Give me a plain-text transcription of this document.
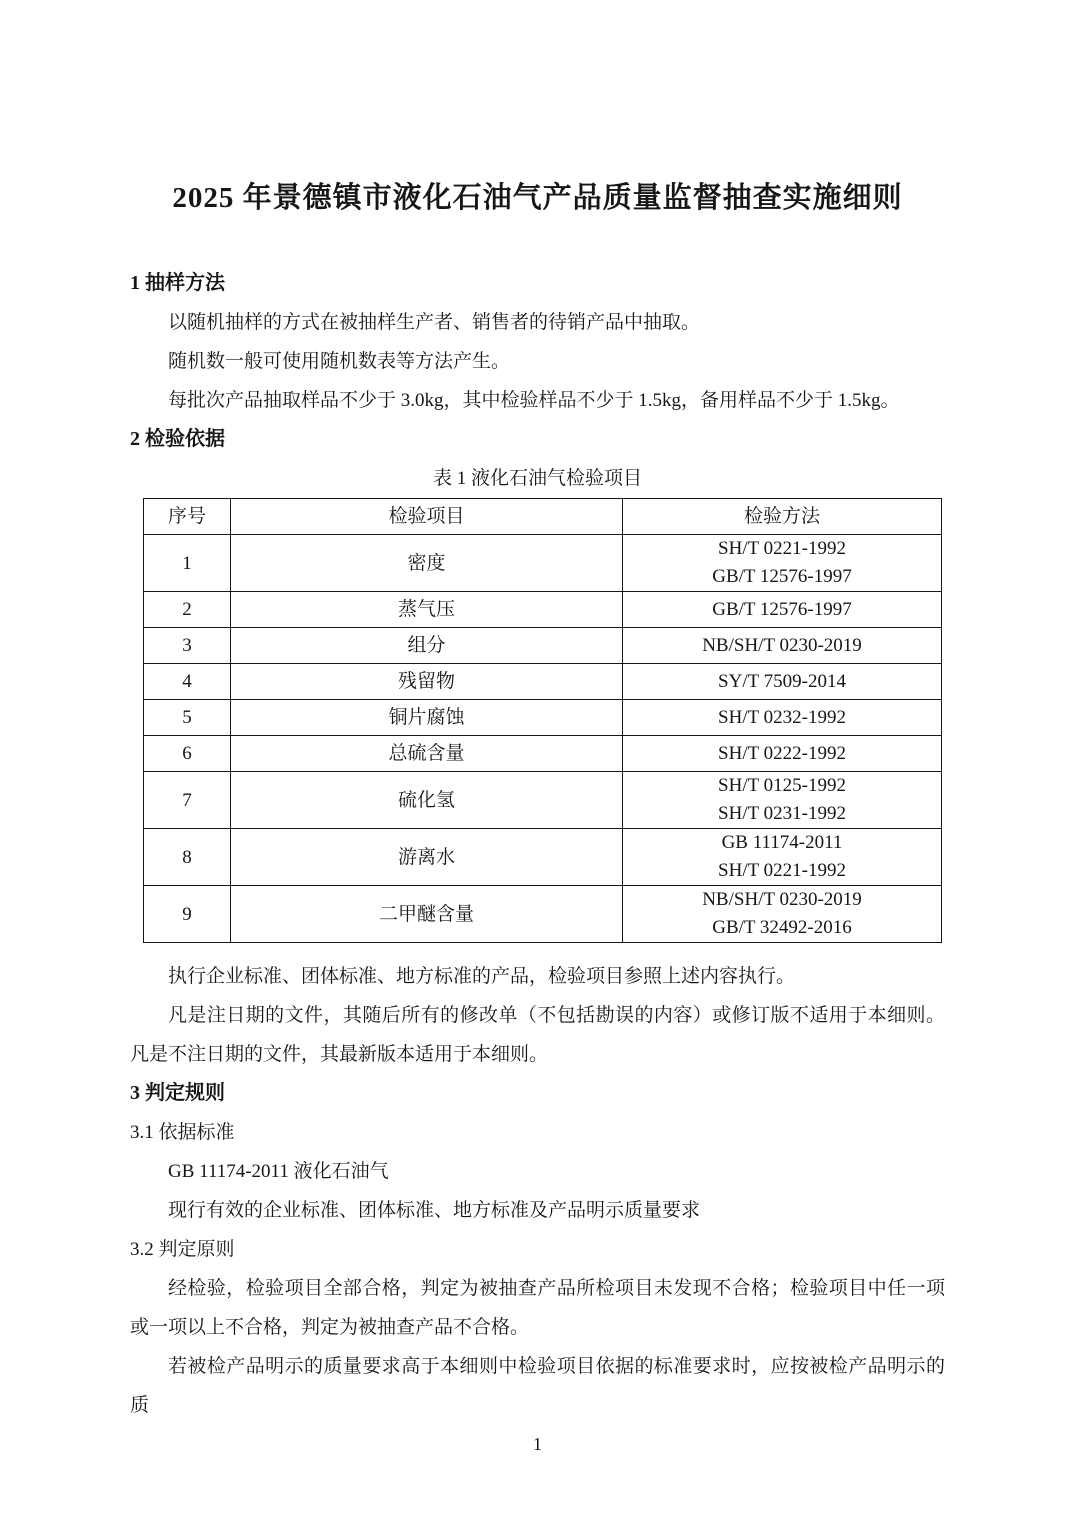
2025 年景德镇市液化石油气产品质量监督抽查实施细则
1 抽样方法

以随机抽样的方式在被抽样生产者、销售者的待销产品中抽取。

随机数一般可使用随机数表等方法产生。

每批次产品抽取样品不少于 3.0kg，其中检验样品不少于 1.5kg，备用样品不少于 1.5kg。

2 检验依据
表 1 液化石油气检验项目
序号	检验项目	检验方法
1	密度	SH/T 0221-1992
GB/T 12576-1997

2	蒸气压	GB/T 12576-1997
3	组分	NB/SH/T 0230-2019
4	残留物	SY/T 7509-2014
5	铜片腐蚀	SH/T 0232-1992
6	总硫含量	SH/T 0222-1992
7	硫化氢	SH/T 0125-1992
SH/T 0231-1992

8	游离水	GB 11174-2011
SH/T 0221-1992

9	二甲醚含量	NB/SH/T 0230-2019
GB/T 32492-2016

执行企业标准、团体标准、地方标准的产品，检验项目参照上述内容执行。

凡是注日期的文件，其随后所有的修改单（不包括勘误的内容）或修订版不适用于本细则。凡是不注日期的文件，其最新版本适用于本细则。

3 判定规则
3.1 依据标准

GB 11174-2011 液化石油气

现行有效的企业标准、团体标准、地方标准及产品明示质量要求

3.2 判定原则

经检验，检验项目全部合格，判定为被抽查产品所检项目未发现不合格；检验项目中任一项或一项以上不合格，判定为被抽查产品不合格。

若被检产品明示的质量要求高于本细则中检验项目依据的标准要求时，应按被检产品明示的质

1
